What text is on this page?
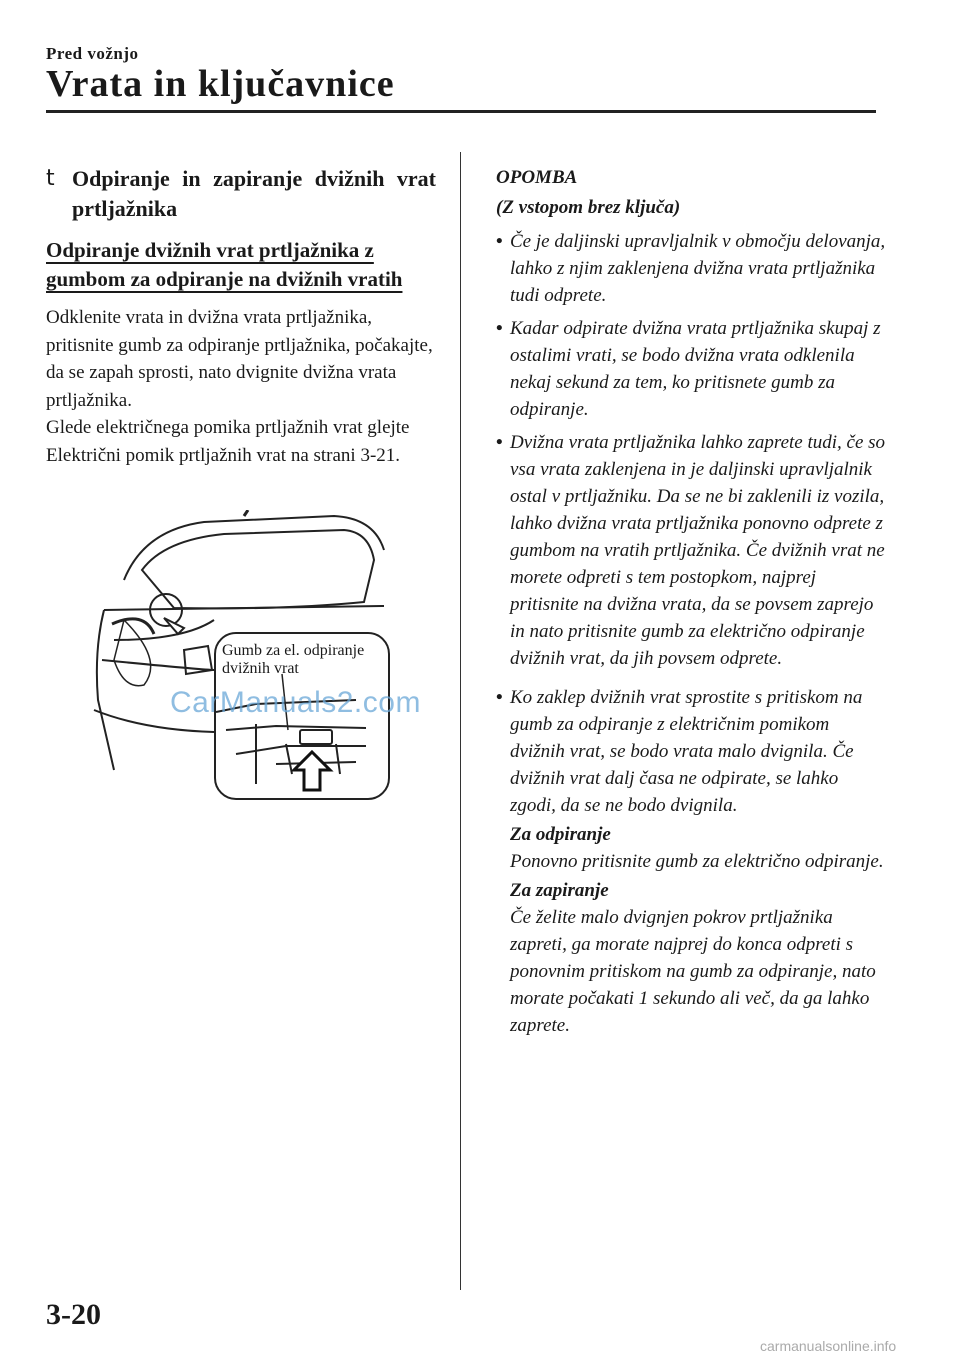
Pred vožnjo
Vrata in ključavnice
t Odpiranje in zapiranje dvižnih vrat prtljažnika
Odpiranje dvižnih vrat prtljažnika z gumbom za odpiranje na dvižnih vratih

Odklenite vrata in dvižna vrata prtljažnika, pritisnite gumb za odpiranje prtljažnika, počakajte, da se zapah sprosti, nato dvignite dvižna vrata prtljažnika.

Glede električnega pomika prtljažnih vrat glejte Električni pomik prtljažnih vrat na strani 3-21.

Gumb za el. odpiranje dvižnih vrat
CarManuals2.com
OPOMBA
(Z vstopom brez ključa)
• Če je daljinski upravljalnik v območju delovanja, lahko z njim zaklenjena dvižna vrata prtljažnika tudi odprete.
• Kadar odpirate dvižna vrata prtljažnika skupaj z ostalimi vrati, se bodo dvižna vrata odklenila nekaj sekund za tem, ko pritisnete gumb za odpiranje.
• Dvižna vrata prtljažnika lahko zaprete tudi, če so vsa vrata zaklenjena in je daljinski upravljalnik ostal v prtljažniku. Da se ne bi zaklenili iz vozila, lahko dvižna vrata prtljažnika ponovno odprete z gumbom na vratih prtljažnika. Če dvižnih vrat ne morete odpreti s tem postopkom, najprej pritisnite na dvižna vrata, da se povsem zaprejo in nato pritisnite gumb za električno odpiranje dvižnih vrat, da jih povsem odprete.
• Ko zaklep dvižnih vrat sprostite s pritiskom na gumb za odpiranje z električnim pomikom dvižnih vrat, se bodo vrata malo dvignila. Če dvižnih vrat dalj časa ne odpirate, se lahko zgodi, da se ne bodo dvignila.
Za odpiranje
Ponovno pritisnite gumb za električno odpiranje.
Za zapiranje
Če želite malo dvignjen pokrov prtljažnika zapreti, ga morate najprej do konca odpreti s ponovnim pritiskom na gumb za odpiranje, nato morate počakati 1 sekundo ali več, da ga lahko zaprete.
3-20
carmanualsonline.info
